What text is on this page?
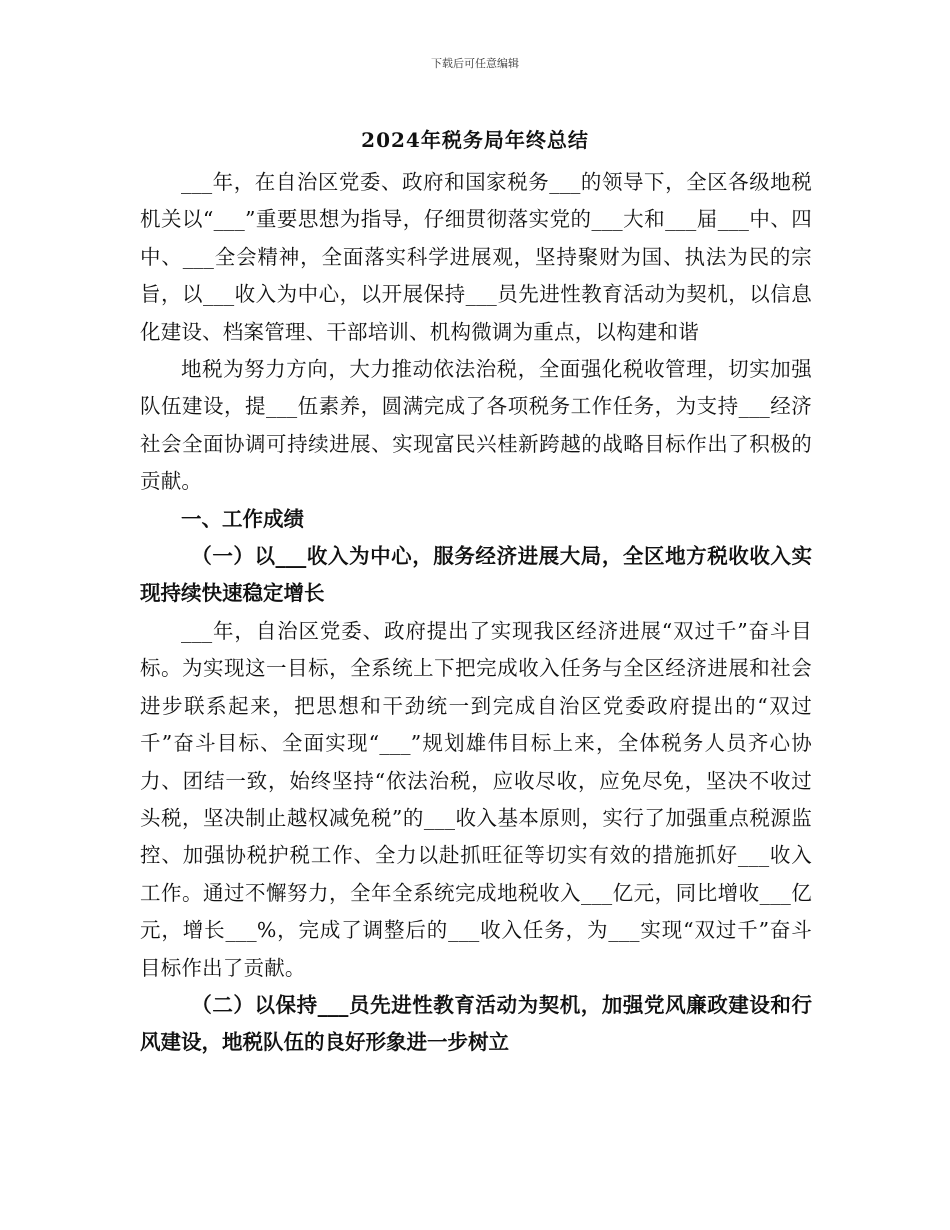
下载后可任意编辑
2024年税务局年终总结

___年，在自治区党委、政府和国家税务___的领导下，全区各级地税机关以“___”重要思想为指导，仔细贯彻落实党的___大和___届___中、四中、___全会精神，全面落实科学进展观，坚持聚财为国、执法为民的宗旨，以___收入为中心，以开展保持___员先进性教育活动为契机，以信息化建设、档案管理、干部培训、机构微调为重点，以构建和谐

地税为努力方向，大力推动依法治税，全面强化税收管理，切实加强队伍建设，提___伍素养，圆满完成了各项税务工作任务，为支持___经济社会全面协调可持续进展、实现富民兴桂新跨越的战略目标作出了积极的贡献。

一、工作成绩

（一）以___收入为中心，服务经济进展大局，全区地方税收收入实现持续快速稳定增长

___年，自治区党委、政府提出了实现我区经济进展“双过千”奋斗目标。为实现这一目标，全系统上下把完成收入任务与全区经济进展和社会进步联系起来，把思想和干劲统一到完成自治区党委政府提出的“双过千”奋斗目标、全面实现“___”规划雄伟目标上来，全体税务人员齐心协力、团结一致，始终坚持“依法治税，应收尽收，应免尽免，坚决不收过头税，坚决制止越权减免税”的___收入基本原则，实行了加强重点税源监控、加强协税护税工作、全力以赴抓旺征等切实有效的措施抓好___收入工作。通过不懈努力，全年全系统完成地税收入___亿元，同比增收___亿元，增长___%，完成了调整后的___收入任务，为___实现“双过千”奋斗目标作出了贡献。

（二）以保持___员先进性教育活动为契机，加强党风廉政建设和行风建设，地税队伍的良好形象进一步树立
